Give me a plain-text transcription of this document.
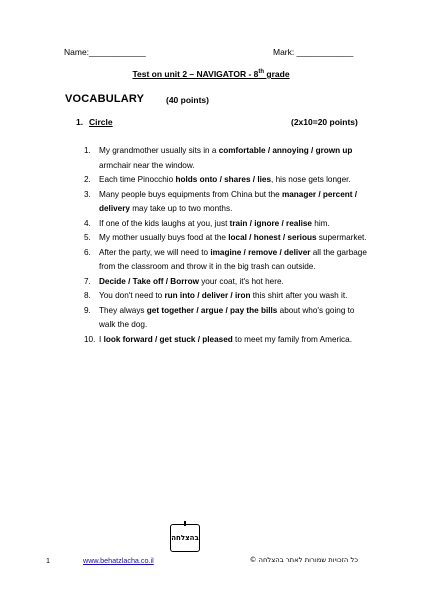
Name:____________	Mark: ____________
Test on unit 2 – NAVIGATOR - 8th grade
VOCABULARY	(40 points)
1. Circle	(2x10=20 points)
1. My grandmother usually sits in a comfortable / annoying / grown up armchair near the window.
2. Each time Pinocchio holds onto / shares / lies, his nose gets longer.
3. Many people buys equipments from China but the manager / percent / delivery may take up to two months.
4. If one of the kids laughs at you, just train / ignore / realise him.
5. My mother usually buys food at the local / honest / serious supermarket.
6. After the party, we will need to imagine / remove / deliver all the garbage from the classroom and throw it in the big trash can outside.
7. Decide / Take off / Borrow your coat, it's hot here.
8. You don't need to run into / deliver / iron this shirt after you wash it.
9. They always get together / argue / pay the bills about who's going to walk the dog.
10. I look forward / get stuck / pleased to meet my family from America.
בהצלחה
1	www.behatzlacha.co.il	כל הזכויות שמורות לאתר בהצלחה ©
